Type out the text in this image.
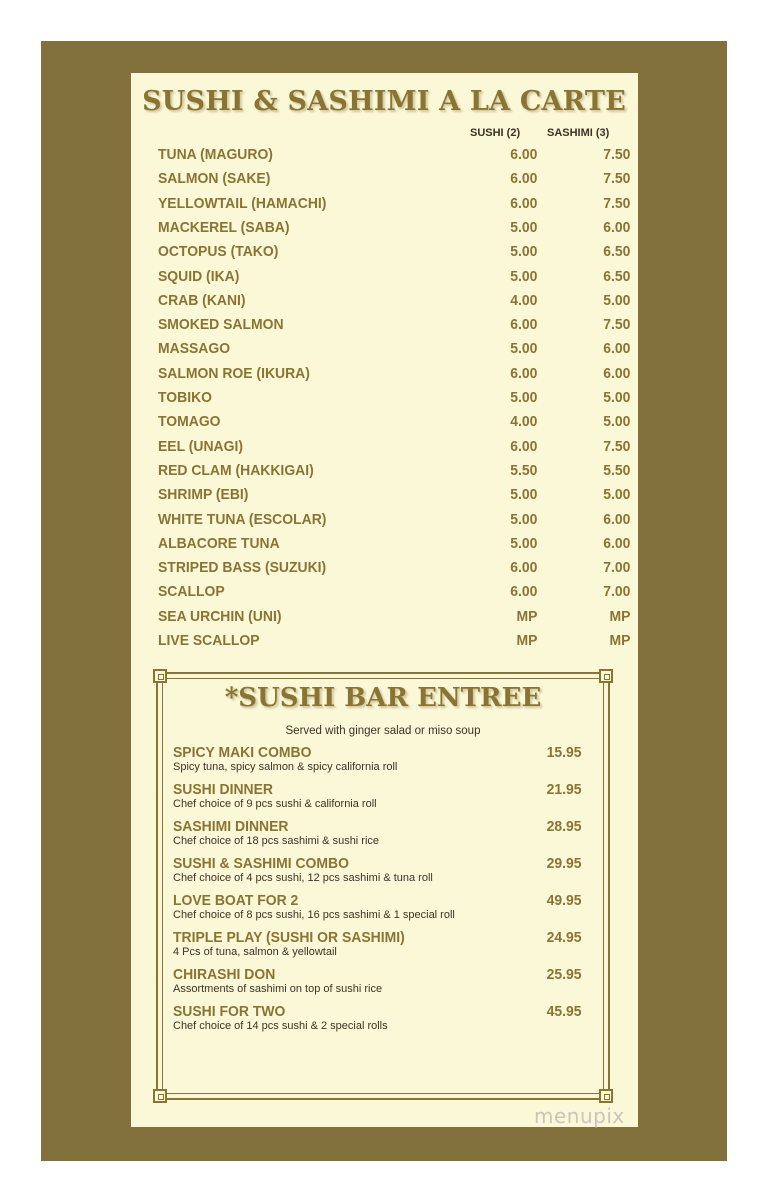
SUSHI & SASHIMI A LA CARTE
SUSHI (2) SASHIMI (3)
TUNA (MAGURO)	6.00	7.50
SALMON (SAKE)	6.00	7.50
YELLOWTAIL (HAMACHI)	6.00	7.50
MACKEREL (SABA)	5.00	6.00
OCTOPUS (TAKO)	5.00	6.50
SQUID (IKA)	5.00	6.50
CRAB (KANI)	4.00	5.00
SMOKED SALMON	6.00	7.50
MASSAGO	5.00	6.00
SALMON ROE (IKURA)	6.00	6.00
TOBIKO	5.00	5.00
TOMAGO	4.00	5.00
EEL (UNAGI)	6.00	7.50
RED CLAM (HAKKIGAI)	5.50	5.50
SHRIMP (EBI)	5.00	5.00
WHITE TUNA (ESCOLAR)	5.00	6.00
ALBACORE TUNA	5.00	6.00
STRIPED BASS (SUZUKI)	6.00	7.00
SCALLOP	6.00	7.00
SEA URCHIN (UNI)	MP	MP
LIVE SCALLOP	MP	MP
*SUSHI BAR ENTREE
Served with ginger salad or miso soup
SPICY MAKI COMBO
Spicy tuna, spicy salmon & spicy california roll
15.95
SUSHI DINNER
Chef choice of 9 pcs sushi & california roll
21.95
SASHIMI DINNER
Chef choice of 18 pcs sashimi & sushi rice
28.95
SUSHI & SASHIMI COMBO
Chef choice of 4 pcs sushi, 12 pcs sashimi & tuna roll
29.95
LOVE BOAT FOR 2
Chef choice of 8 pcs sushi, 16 pcs sashimi & 1 special roll
49.95
TRIPLE PLAY (SUSHI OR SASHIMI)
4 Pcs of tuna, salmon & yellowtail
24.95
CHIRASHI DON
Assortments of sashimi on top of sushi rice
25.95
SUSHI FOR TWO
Chef choice of 14 pcs sushi & 2 special rolls
45.95
menupix
